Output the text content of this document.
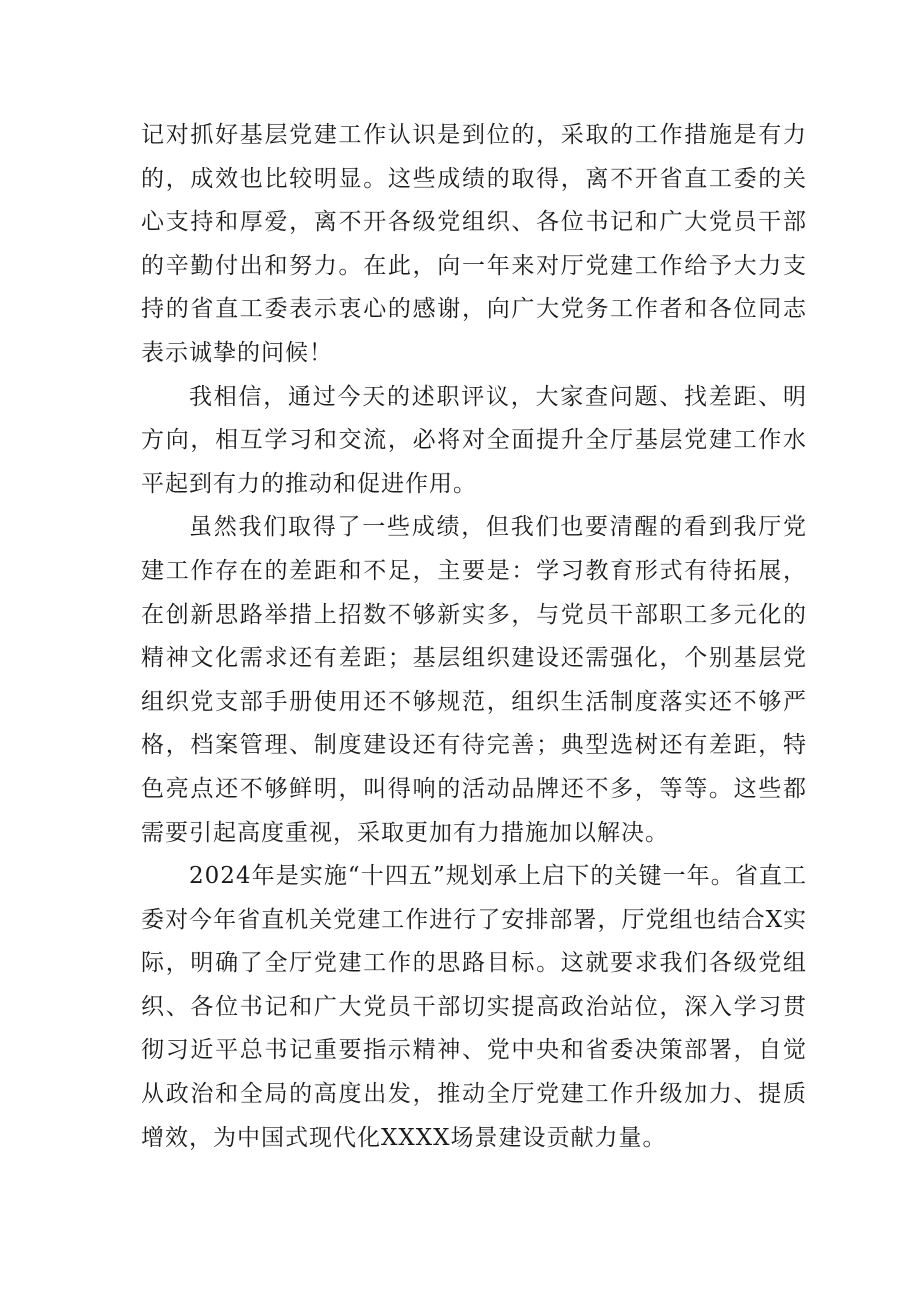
记对抓好基层党建工作认识是到位的，采取的工作措施是有力的，成效也比较明显。这些成绩的取得，离不开省直工委的关心支持和厚爱，离不开各级党组织、各位书记和广大党员干部的辛勤付出和努力。在此，向一年来对厅党建工作给予大力支持的省直工委表示衷心的感谢，向广大党务工作者和各位同志表示诚挚的问候！

我相信，通过今天的述职评议，大家查问题、找差距、明方向，相互学习和交流，必将对全面提升全厅基层党建工作水平起到有力的推动和促进作用。

虽然我们取得了一些成绩，但我们也要清醒的看到我厅党建工作存在的差距和不足，主要是：学习教育形式有待拓展，在创新思路举措上招数不够新实多，与党员干部职工多元化的精神文化需求还有差距；基层组织建设还需强化，个别基层党组织党支部手册使用还不够规范，组织生活制度落实还不够严格，档案管理、制度建设还有待完善；典型选树还有差距，特色亮点还不够鲜明，叫得响的活动品牌还不多，等等。这些都需要引起高度重视，采取更加有力措施加以解决。

2024年是实施“十四五”规划承上启下的关键一年。省直工委对今年省直机关党建工作进行了安排部署，厅党组也结合X实际，明确了全厅党建工作的思路目标。这就要求我们各级党组织、各位书记和广大党员干部切实提高政治站位，深入学习贯彻习近平总书记重要指示精神、党中央和省委决策部署，自觉从政治和全局的高度出发，推动全厅党建工作升级加力、提质增效，为中国式现代化XXXX场景建设贡献力量。
